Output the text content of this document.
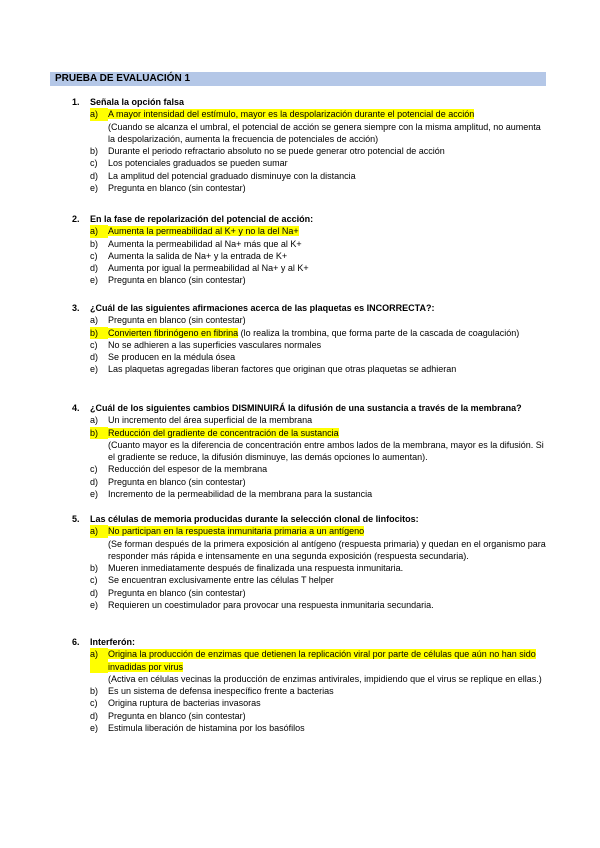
PRUEBA DE EVALUACIÓN 1
1.	Señala la opción falsa
a)	A mayor intensidad del estímulo, mayor es la despolarización durante el potencial de acción
(Cuando se alcanza el umbral, el potencial de acción se genera siempre con la misma amplitud, no aumenta la despolarización, aumenta la frecuencia de potenciales de acción)
b)	Durante el periodo refractario absoluto no se puede generar otro potencial de acción
c)	Los potenciales graduados se pueden sumar
d)	La amplitud del potencial graduado disminuye con la distancia
e)	Pregunta en blanco (sin contestar)
2.	En la fase de repolarización del potencial de acción:
a)	Aumenta la permeabilidad al K+ y no la del Na+
b)	Aumenta la permeabilidad al Na+ más que al K+
c)	Aumenta la salida de Na+ y la entrada de K+
d)	Aumenta por igual la permeabilidad al Na+ y al K+
e)	Pregunta en blanco (sin contestar)
3.	¿Cuál de las siguientes afirmaciones acerca de las plaquetas es INCORRECTA?:
a)	Pregunta en blanco (sin contestar)
b)	Convierten fibrinógeno en fibrina (lo realiza la trombina, que forma parte de la cascada de coagulación)
c)	No se adhieren a las superficies vasculares normales
d)	Se producen en la médula ósea
e)	Las plaquetas agregadas liberan factores que originan que otras plaquetas se adhieran
4.	¿Cuál de los siguientes cambios DISMINUIRÁ la difusión de una sustancia a través de la membrana?
a)	Un incremento del área superficial de la membrana
b)	Reducción del gradiente de concentración de la sustancia
(Cuanto mayor es la diferencia de concentración entre ambos lados de la membrana, mayor es la difusión. Si el gradiente se reduce, la difusión disminuye, las demás opciones lo aumentan).
c)	Reducción del espesor de la membrana
d)	Pregunta en blanco (sin contestar)
e)	Incremento de la permeabilidad de la membrana para la sustancia
5.	Las células de memoria producidas durante la selección clonal de linfocitos:
a)	No participan en la respuesta inmunitaria primaria a un antígeno
(Se forman después de la primera exposición al antígeno (respuesta primaria) y quedan en el organismo para responder más rápida e intensamente en una segunda exposición (respuesta secundaria).
b)	Mueren inmediatamente después de finalizada una respuesta inmunitaria.
c)	Se encuentran exclusivamente entre las células T helper
d)	Pregunta en blanco (sin contestar)
e)	Requieren un coestimulador para provocar una respuesta inmunitaria secundaria.
6.	Interferón:
a)	Origina la producción de enzimas que detienen la replicación viral por parte de células que aún no han sido invadidas por virus
(Activa en células vecinas la producción de enzimas antivirales, impidiendo que el virus se replique en ellas.)
b)	Es un sistema de defensa inespecífico frente a bacterias
c)	Origina ruptura de bacterias invasoras
d)	Pregunta en blanco (sin contestar)
e)	Estimula liberación de histamina por los basófilos
